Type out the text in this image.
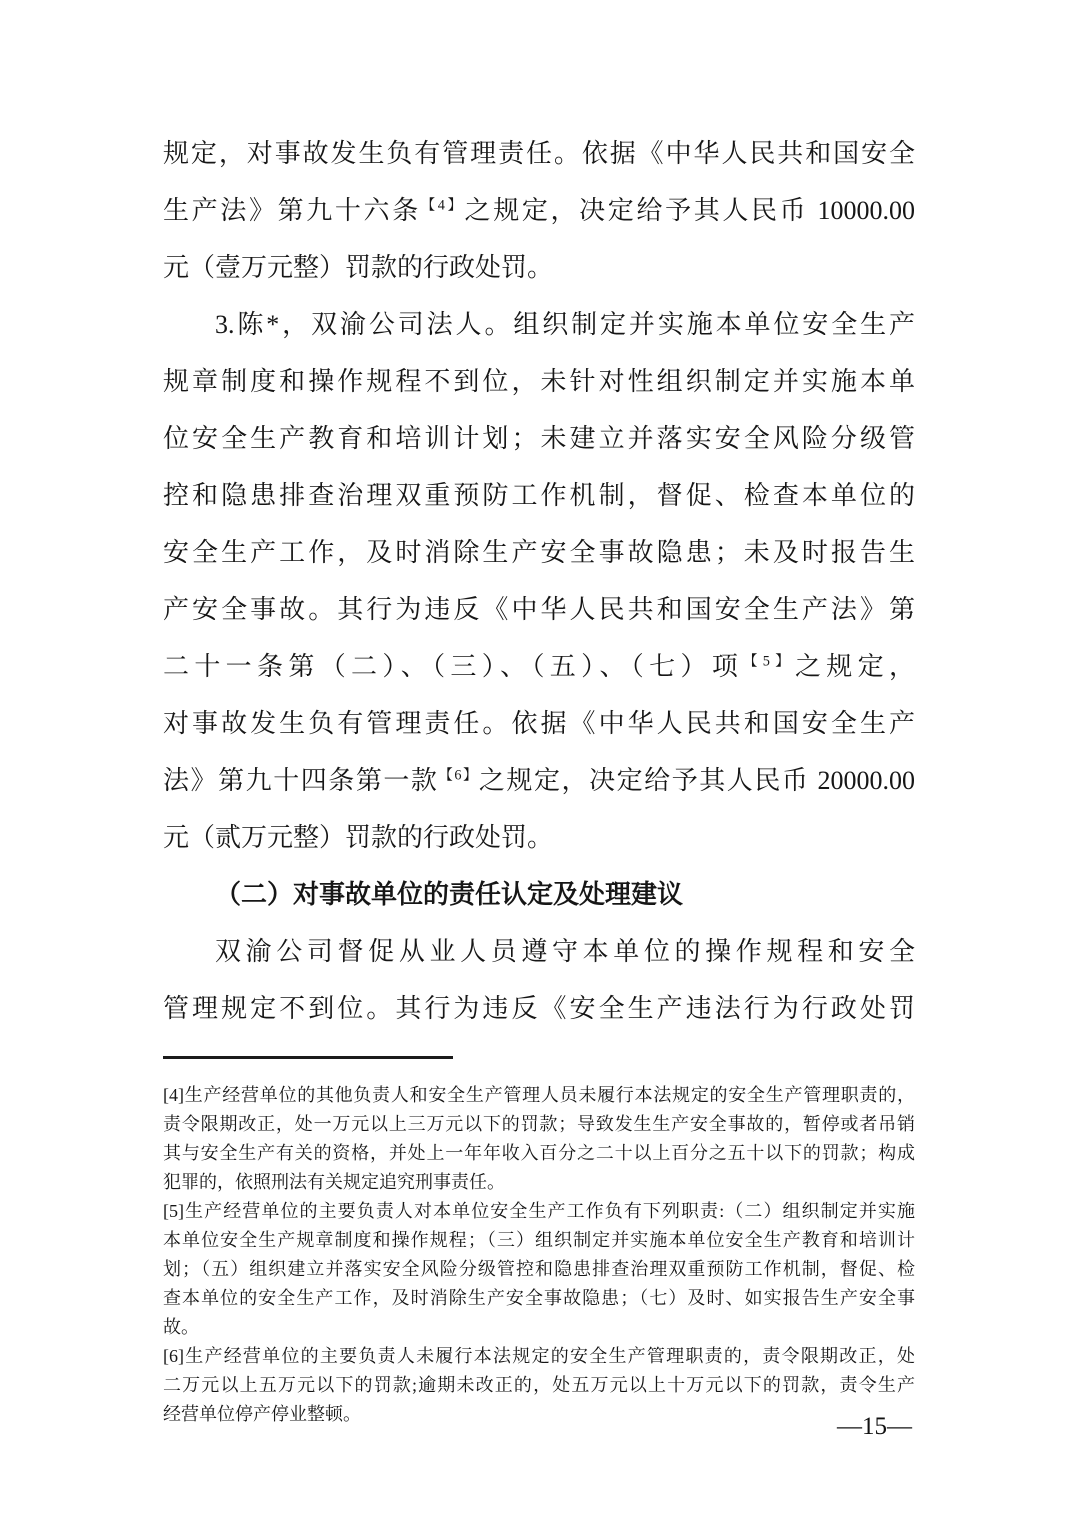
规定，对事故发生负有管理责任。依据《中华人民共和国安全
生产法》第九十六条$^{【4】}$之规定，决定给予其人民币 10000.00
元（壹万元整）罚款的行政处罚。
3.陈*，双渝公司法人。组织制定并实施本单位安全生产
规章制度和操作规程不到位，未针对性组织制定并实施本单
位安全生产教育和培训计划；未建立并落实安全风险分级管
控和隐患排查治理双重预防工作机制，督促、检查本单位的
安全生产工作，及时消除生产安全事故隐患；未及时报告生
产安全事故。其行为违反《中华人民共和国安全生产法》第
二十一条第（二）、（三）、（五）、（七）项$^{【5】}$之规定，
对事故发生负有管理责任。依据《中华人民共和国安全生产
法》第九十四条第一款$^{【6】}$之规定，决定给予其人民币 20000.00
元（贰万元整）罚款的行政处罚。
（二）对事故单位的责任认定及处理建议
双渝公司督促从业人员遵守本单位的操作规程和安全
管理规定不到位。其行为违反《安全生产违法行为行政处罚
[4]生产经营单位的其他负责人和安全生产管理人员未履行本法规定的安全生产管理职责的，
责令限期改正，处一万元以上三万元以下的罚款；导致发生生产安全事故的，暂停或者吊销
其与安全生产有关的资格，并处上一年年收入百分之二十以上百分之五十以下的罚款；构成
犯罪的，依照刑法有关规定追究刑事责任。
[5]生产经营单位的主要负责人对本单位安全生产工作负有下列职责:（二）组织制定并实施
本单位安全生产规章制度和操作规程；（三）组织制定并实施本单位安全生产教育和培训计
划；（五）组织建立并落实安全风险分级管控和隐患排查治理双重预防工作机制，督促、检
查本单位的安全生产工作，及时消除生产安全事故隐患；（七）及时、如实报告生产安全事
故。
[6]生产经营单位的主要负责人未履行本法规定的安全生产管理职责的，责令限期改正，处
二万元以上五万元以下的罚款;逾期未改正的，处五万元以上十万元以下的罚款，责令生产
经营单位停产停业整顿。	—15—
